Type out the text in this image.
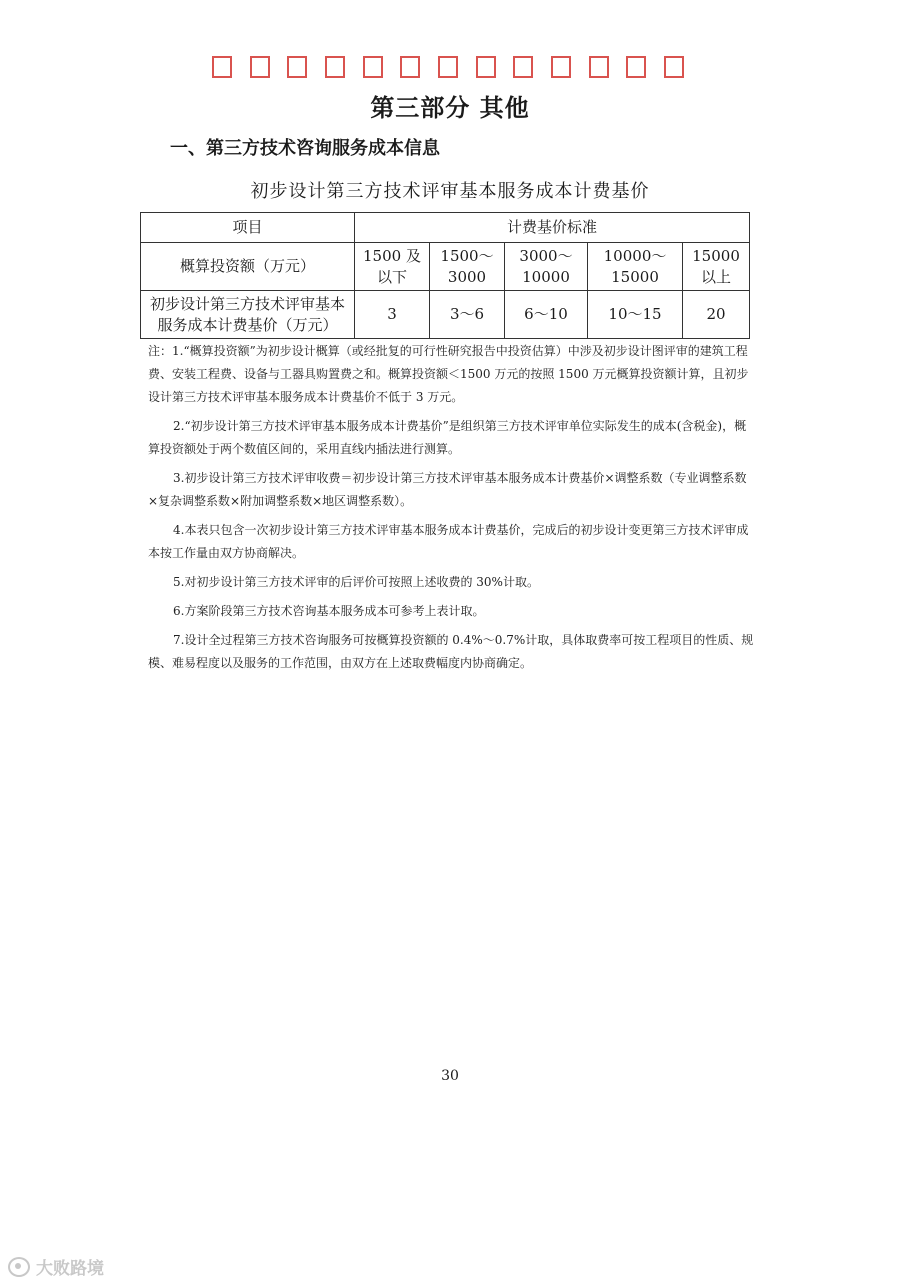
第三部分 其他
一、第三方技术咨询服务成本信息
初步设计第三方技术评审基本服务成本计费基价
项目	计费基价标准				
概算投资额（万元）	1500 及以下	1500～3000	3000～10000	10000～15000	15000 以上
初步设计第三方技术评审基本服务成本计费基价（万元）	3	3～6	6～10	10～15	20

注：1.“概算投资额”为初步设计概算（或经批复的可行性研究报告中投资估算）中涉及初步设计图评审的建筑工程费、安装工程费、设备与工器具购置费之和。概算投资额＜1500 万元的按照 1500 万元概算投资额计算，且初步设计第三方技术评审基本服务成本计费基价不低于 3 万元。

2.“初步设计第三方技术评审基本服务成本计费基价”是组织第三方技术评审单位实际发生的成本(含税金)，概算投资额处于两个数值区间的，采用直线内插法进行测算。

3.初步设计第三方技术评审收费＝初步设计第三方技术评审基本服务成本计费基价×调整系数（专业调整系数×复杂调整系数×附加调整系数×地区调整系数）。

4.本表只包含一次初步设计第三方技术评审基本服务成本计费基价，完成后的初步设计变更第三方技术评审成本按工作量由双方协商解决。

5.对初步设计第三方技术评审的后评价可按照上述收费的 30%计取。

6.方案阶段第三方技术咨询基本服务成本可参考上表计取。

7.设计全过程第三方技术咨询服务可按概算投资额的 0.4%～0.7%计取，具体取费率可按工程项目的性质、规模、难易程度以及服务的工作范围，由双方在上述取费幅度内协商确定。

30
大败路境
